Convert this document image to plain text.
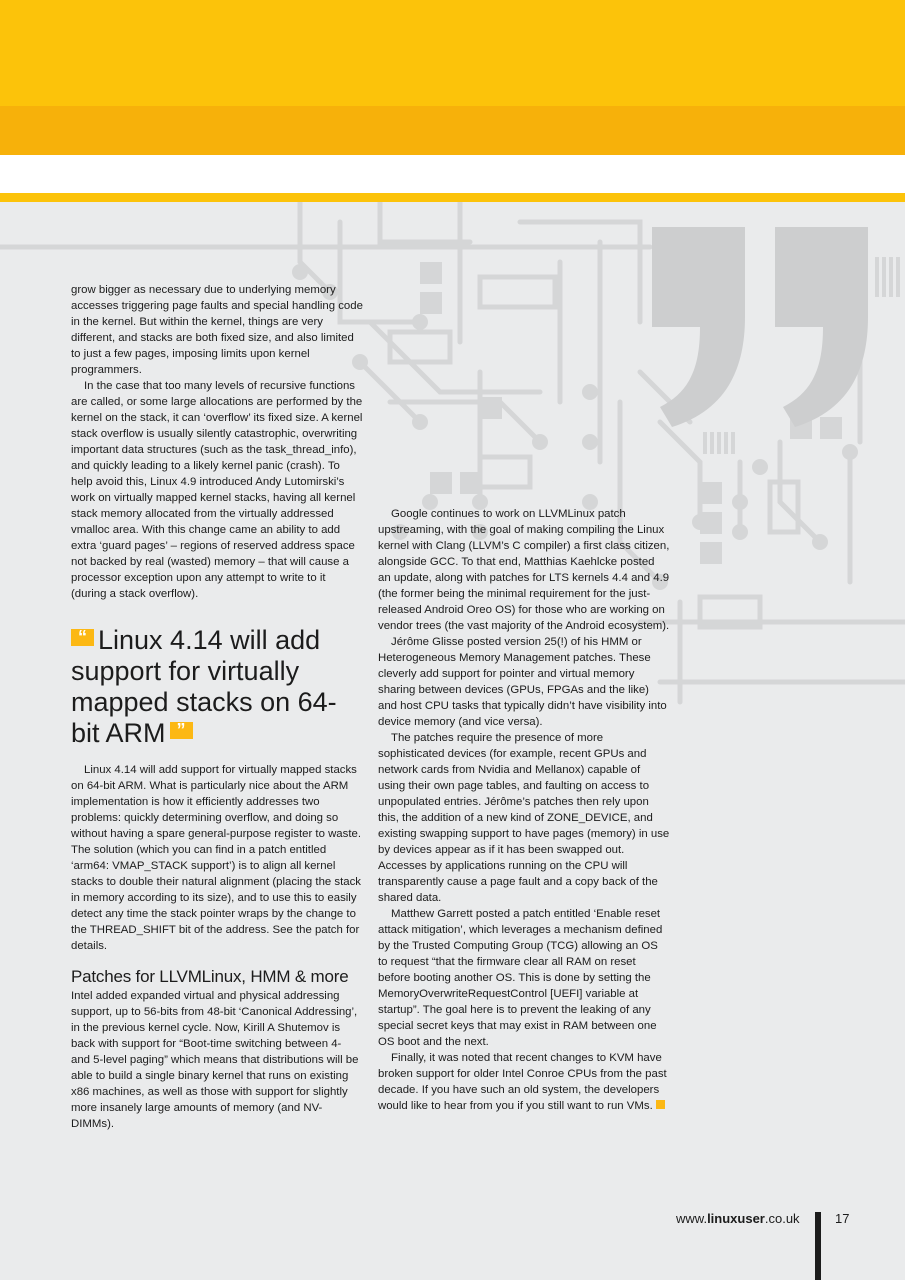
grow bigger as necessary due to underlying memory accesses triggering page faults and special handling code in the kernel. But within the kernel, things are very different, and stacks are both fixed size, and also limited to just a few pages, imposing limits upon kernel programmers.

In the case that too many levels of recursive functions are called, or some large allocations are performed by the kernel on the stack, it can ‘overflow’ its fixed size. A kernel stack overflow is usually silently catastrophic, overwriting important data structures (such as the task_thread_info), and quickly leading to a likely kernel panic (crash). To help avoid this, Linux 4.9 introduced Andy Lutomirski’s work on virtually mapped kernel stacks, having all kernel stack memory allocated from the virtually addressed vmalloc area. With this change came an ability to add extra ‘guard pages’ – regions of reserved address space not backed by real (wasted) memory – that will cause a processor exception upon any attempt to write to it (during a stack overflow).

“ Linux 4.14 will add support for virtually mapped stacks on 64-bit ARM ”

Linux 4.14 will add support for virtually mapped stacks on 64-bit ARM. What is particularly nice about the ARM implementation is how it efficiently addresses two problems: quickly determining overflow, and doing so without having a spare general-purpose register to waste. The solution (which you can find in a patch entitled ‘arm64: VMAP_STACK support’) is to align all kernel stacks to double their natural alignment (placing the stack in memory according to its size), and to use this to easily detect any time the stack pointer wraps by the change to the THREAD_SHIFT bit of the address. See the patch for details.

Patches for LLVMLinux, HMM & more

Intel added expanded virtual and physical addressing support, up to 56-bits from 48-bit ‘Canonical Addressing’, in the previous kernel cycle. Now, Kirill A Shutemov is back with support for “Boot-time switching between 4- and 5-level paging” which means that distributions will be able to build a single binary kernel that runs on existing x86 machines, as well as those with support for slightly more insanely large amounts of memory (and NV-DIMMs).

Google continues to work on LLVMLinux patch upstreaming, with the goal of making compiling the Linux kernel with Clang (LLVM’s C compiler) a first class citizen, alongside GCC. To that end, Matthias Kaehlcke posted an update, along with patches for LTS kernels 4.4 and 4.9 (the former being the minimal requirement for the just-released Android Oreo OS) for those who are working on vendor trees (the vast majority of the Android ecosystem).

Jérôme Glisse posted version 25(!) of his HMM or Heterogeneous Memory Management patches. These cleverly add support for pointer and virtual memory sharing between devices (GPUs, FPGAs and the like) and host CPU tasks that typically didn’t have visibility into device memory (and vice versa).

The patches require the presence of more sophisticated devices (for example, recent GPUs and network cards from Nvidia and Mellanox) capable of using their own page tables, and faulting on access to unpopulated entries. Jérôme’s patches then rely upon this, the addition of a new kind of ZONE_DEVICE, and existing swapping support to have pages (memory) in use by devices appear as if it has been swapped out. Accesses by applications running on the CPU will transparently cause a page fault and a copy back of the shared data.

Matthew Garrett posted a patch entitled ‘Enable reset attack mitigation’, which leverages a mechanism defined by the Trusted Computing Group (TCG) allowing an OS to request “that the firmware clear all RAM on reset before booting another OS. This is done by setting the MemoryOverwriteRequestControl [UEFI] variable at startup”. The goal here is to prevent the leaking of any special secret keys that may exist in RAM between one OS boot and the next.

Finally, it was noted that recent changes to KVM have broken support for older Intel Conroe CPUs from the past decade. If you have such an old system, the developers would like to hear from you if you still want to run VMs.

www.linuxuser.co.uk	17
